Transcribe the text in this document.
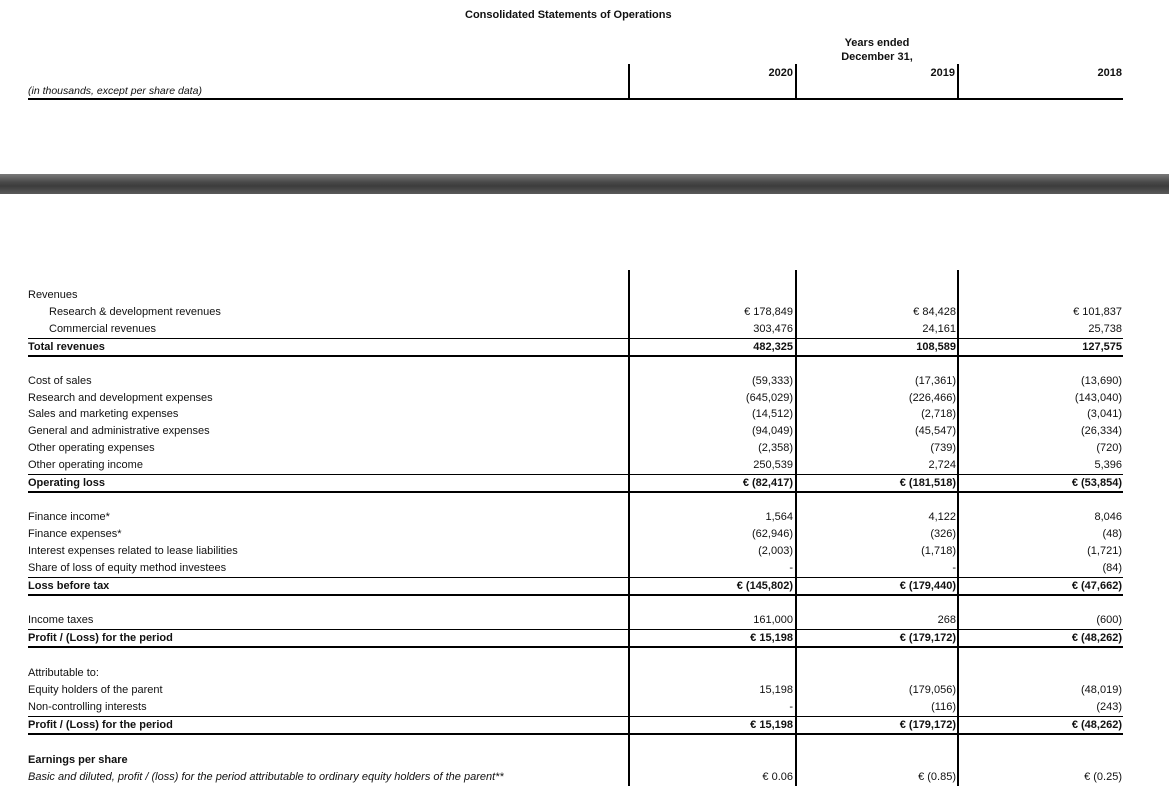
Consolidated Statements of Operations
Years ended
December 31,
2020	2019	2018
(in thousands, except per share data)
Revenues
Research & development revenues	€ 178,849	€ 84,428	€ 101,837
Commercial revenues	303,476	24,161	25,738
Total revenues	482,325	108,589	127,575
Cost of sales	(59,333)	(17,361)	(13,690)
Research and development expenses	(645,029)	(226,466)	(143,040)
Sales and marketing expenses	(14,512)	(2,718)	(3,041)
General and administrative expenses	(94,049)	(45,547)	(26,334)
Other operating expenses	(2,358)	(739)	(720)
Other operating income	250,539	2,724	5,396
Operating loss	€ (82,417)	€ (181,518)	€ (53,854)
Finance income*	1,564	4,122	8,046
Finance expenses*	(62,946)	(326)	(48)
Interest expenses related to lease liabilities	(2,003)	(1,718)	(1,721)
Share of loss of equity method investees	-	-	(84)
Loss before tax	€ (145,802)	€ (179,440)	€ (47,662)
Income taxes	161,000	268	(600)
Profit / (Loss) for the period	€ 15,198	€ (179,172)	€ (48,262)
Attributable to:
Equity holders of the parent	15,198	(179,056)	(48,019)
Non-controlling interests	-	(116)	(243)
Profit / (Loss) for the period	€ 15,198	€ (179,172)	€ (48,262)
Earnings per share
Basic and diluted, profit / (loss) for the period attributable to ordinary equity holders of the parent**	€ 0.06	€ (0.85)	€ (0.25)
